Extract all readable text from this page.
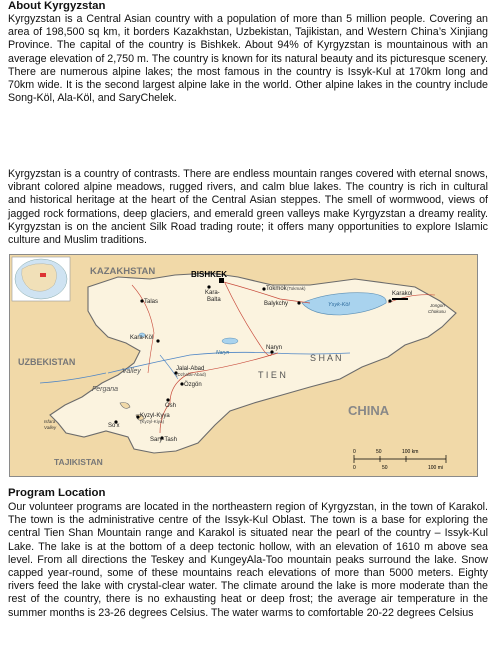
About Kyrgyzstan

Kyrgyzstan is a Central Asian country with a population of more than 5 million people. Covering an area of 198,500 sq km, it borders Kazakhstan, Uzbekistan, Tajikistan, and Western China’s Xinjiang Province. The capital of the country is Bishkek. About 94% of Kyrgyzstan is mountainous with an average elevation of 2,750 m. The country is known for its natural beauty and its picturesque scenery. There are numerous alpine lakes; the most famous in the country is Issyk-Kul at 170km long and 70km wide. It is the second largest alpine lake in the world. Other alpine lakes in the country include Song-Köl, Ala-Köl, and SaryChelek.

Kyrgyzstan is a country of contrasts. There are endless mountain ranges covered with eternal snows, vibrant colored alpine meadows, rugged rivers, and calm blue lakes. The country is rich in cultural and historical heritage at the heart of the Central Asian steppes. The smell of wormwood, views of jagged rock formations, deep glaciers, and emerald green valleys make Kyrgyzstan a dreamy reality. Kyrgyzstan is on the ancient Silk Road trading route; it offers many opportunities to explore Islamic culture and Muslim traditions.

KAZAKHSTAN
UZBEKISTAN
TAJIKISTAN
CHINA
BISHKEK
Kara-
Balta
Tokmok (Tokmak)
Balykchy
Karakol
Talas
Kara-Köl
Naryn
Jalal-Abad
(Dzhalal-Abad)
Özgön
Osh
Kyzyl-Kyya
(Kyzyl-Kiya)
Sary-Tash
So'x
Jongon
Chokusu
Isfara
Valley
T I E N
S H A N
Ysyk-Köl
Naryn
Fergana
Valley
0	50	100 km
0	50	100 mi
Program Location

Our volunteer programs are located in the northeastern region of Kyrgyzstan, in the town of Karakol. The town is the administrative centre of the Issyk-Kul Oblast. The town is a base for exploring the central Tien Shan Mountain range and Karakol is situated near the pearl of the country – Issyk-Kul Lake. The lake is at the bottom of a deep tectonic hollow, with an elevation of 1610 m above sea level. From all directions the Teskey and KungeyAla-Too mountain peaks surround the lake. Snow capped year-round, some of these mountains reach elevations of more than 5000 meters. Eighty rivers feed the lake with crystal-clear water. The climate around the lake is more moderate than the rest of the country, there is no exhausting heat or deep frost; the average air temperature in the summer months is 23-26 degrees Celsius. The water warms to comfortable 20-22 degrees Celsius
